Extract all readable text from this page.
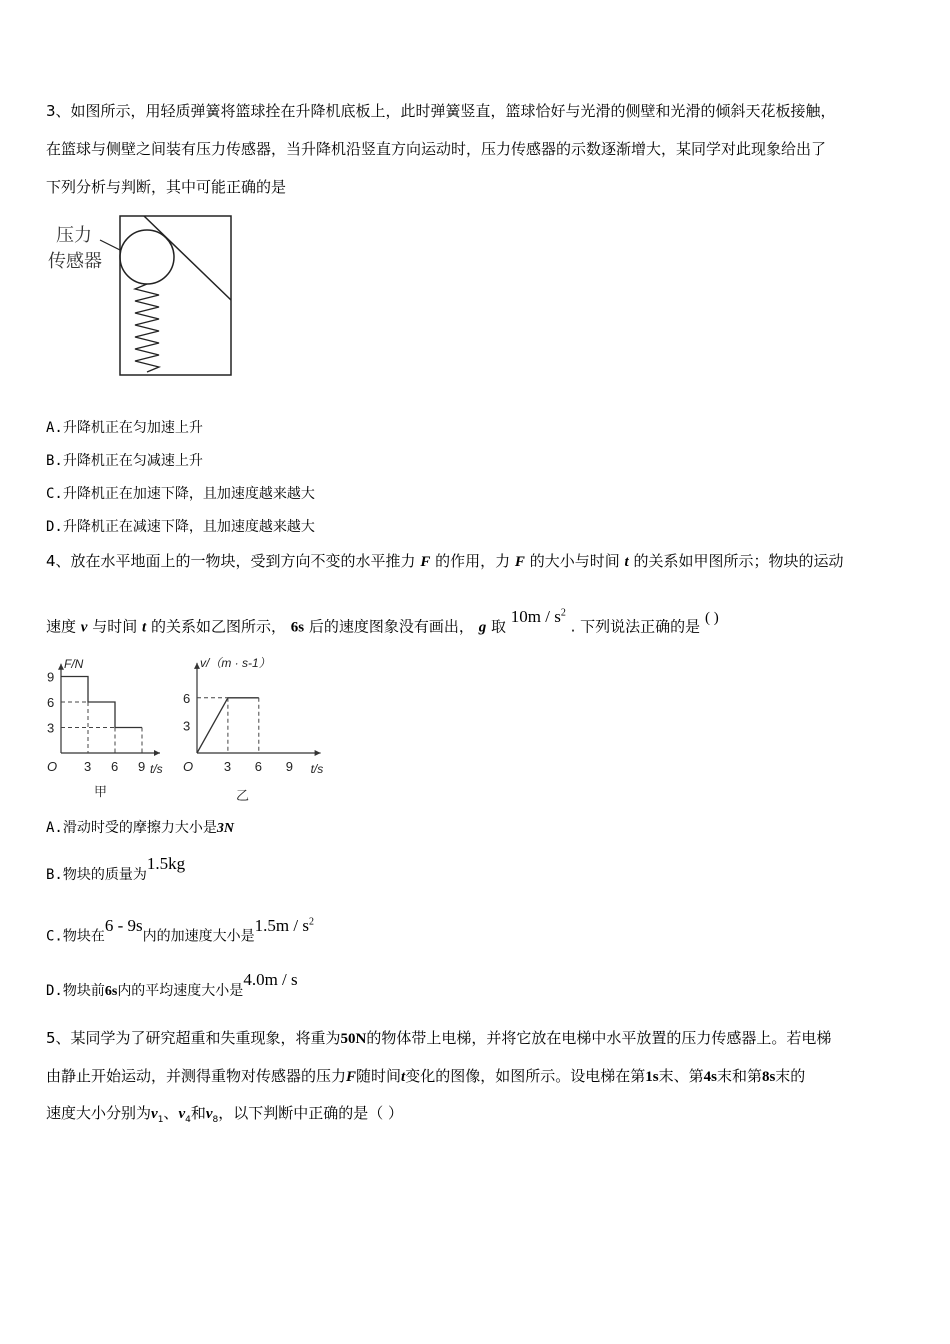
3、如图所示，用轻质弹簧将篮球拴在升降机底板上，此时弹簧竖直，篮球恰好与光滑的侧壁和光滑的倾斜天花板接触，
在篮球与侧壁之间装有压力传感器，当升降机沿竖直方向运动时，压力传感器的示数逐渐增大，某同学对此现象给出了
下列分析与判断，其中可能正确的是
压力
传感器
A.升降机正在匀加速上升
B.升降机正在匀减速上升
C.升降机正在加速下降，且加速度越来越大
D.升降机正在减速下降，且加速度越来越大
4、放在水平地面上的一物块，受到方向不变的水平推力 F 的作用，力 F 的大小与时间 t 的关系如甲图所示；物块的运动
速度 v 与时间 t 的关系如乙图所示， 6s 后的速度图象没有画出， g 取 $10m / s^2$ . 下列说法正确的是 ( )
F/N
t/s
O 3 6 9
3
6
9
甲
v/（m · s-1）
t/s
O 3 6 9
3
6
乙
A.滑动时受的摩擦力大小是3N
B.物块的质量为1.5kg
C.物块在6 - 9s内的加速度大小是$1.5m / s^2$
D.物块前6s内的平均速度大小是4.0m / s
5、某同学为了研究超重和失重现象，将重为50N的物体带上电梯，并将它放在电梯中水平放置的压力传感器上。若电梯
由静止开始运动，并测得重物对传感器的压力F随时间t变化的图像，如图所示。设电梯在第1s末、第4s末和第8s末的
速度大小分别为$v_1$、$v_4$和$v_8$，以下判断中正确的是（ ）
